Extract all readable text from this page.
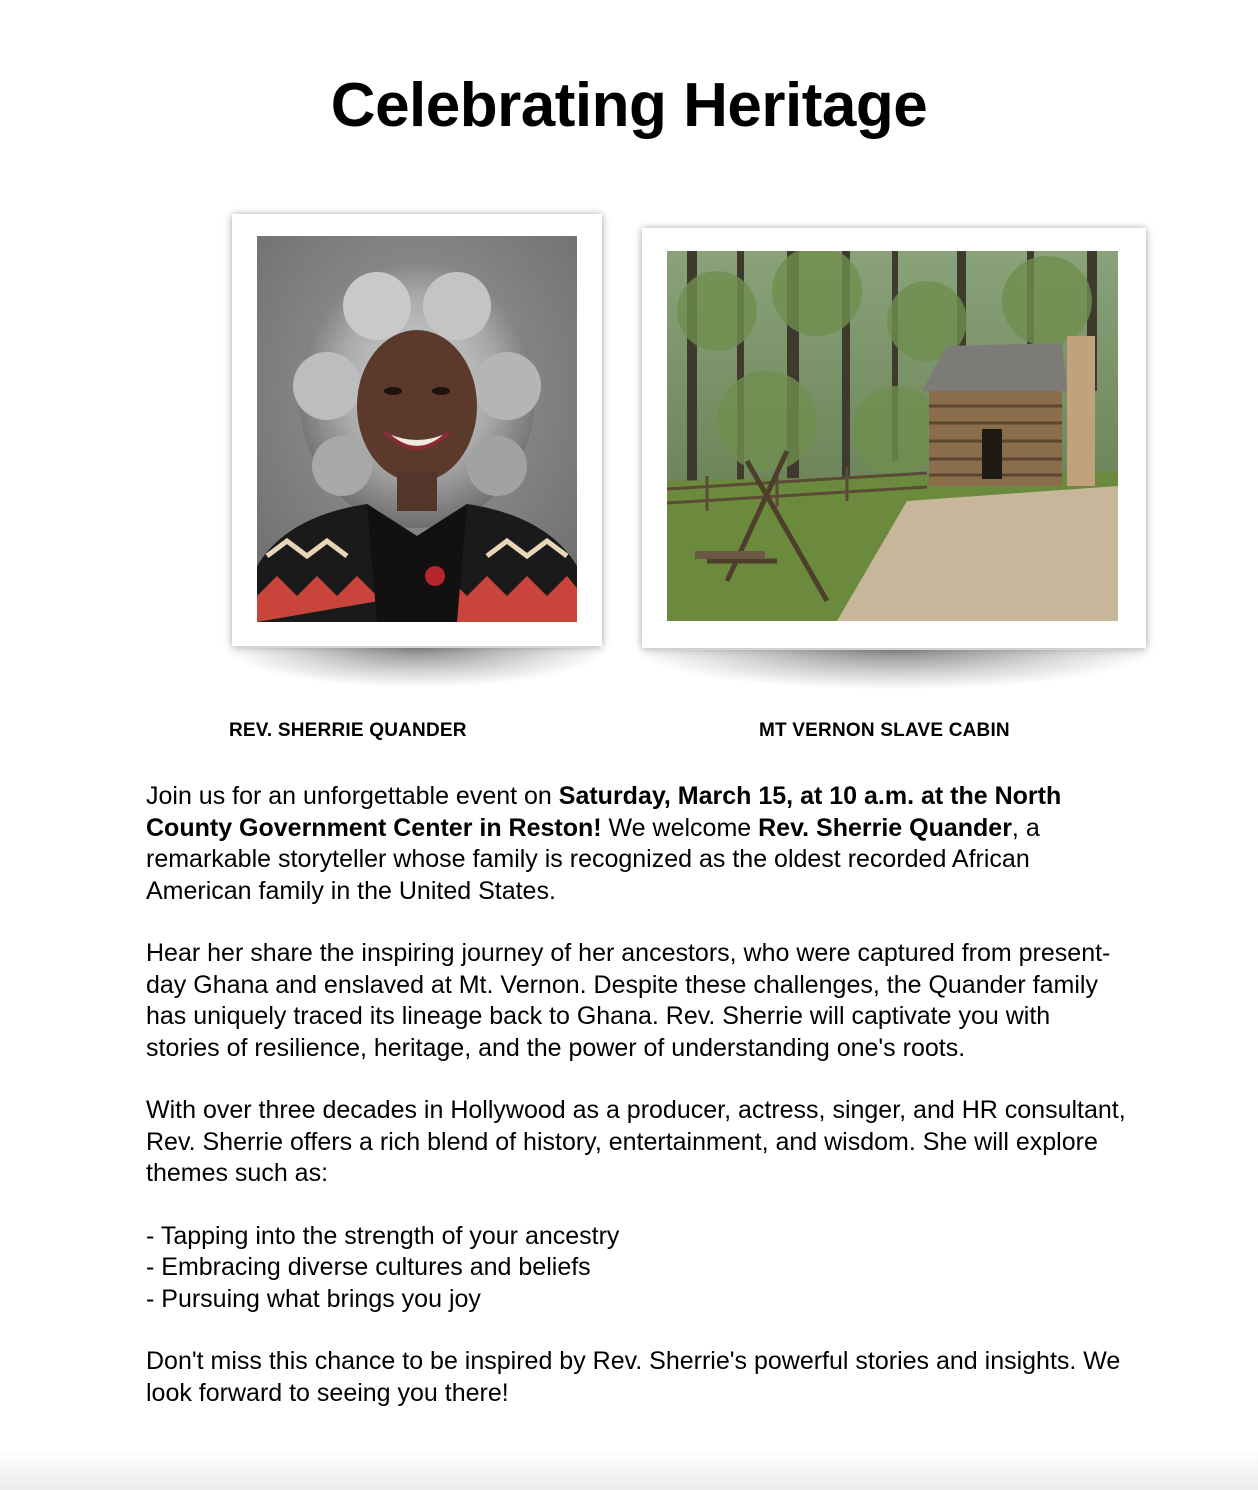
Celebrating Heritage
REV. SHERRIE QUANDER	MT VERNON SLAVE CABIN

Join us for an unforgettable event on Saturday, March 15, at 10 a.m. at the North County Government Center in Reston! We welcome Rev. Sherrie Quander, a remarkable storyteller whose family is recognized as the oldest recorded African American family in the United States.

Hear her share the inspiring journey of her ancestors, who were captured from present-day Ghana and enslaved at Mt. Vernon. Despite these challenges, the Quander family has uniquely traced its lineage back to Ghana. Rev. Sherrie will captivate you with stories of resilience, heritage, and the power of understanding one's roots.

With over three decades in Hollywood as a producer, actress, singer, and HR consultant, Rev. Sherrie offers a rich blend of history, entertainment, and wisdom. She will explore themes such as:

- Tapping into the strength of your ancestry
- Embracing diverse cultures and beliefs
- Pursuing what brings you joy

Don't miss this chance to be inspired by Rev. Sherrie's powerful stories and insights. We look forward to seeing you there!
